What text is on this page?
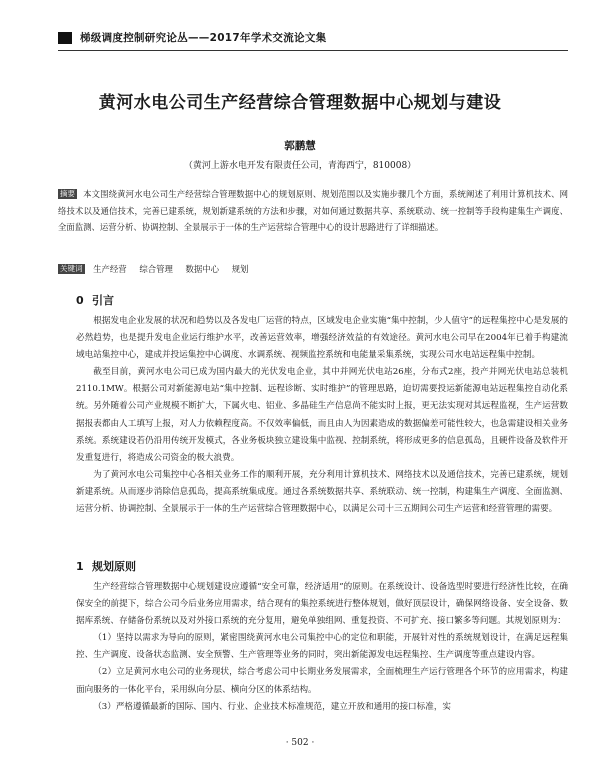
梯级调度控制研究论丛——2017年学术交流论文集
黄河水电公司生产经营综合管理数据中心规划与建设
郭鹏慧
（黄河上游水电开发有限责任公司，青海西宁，810008）
摘要 本文围绕黄河水电公司生产经营综合管理数据中心的规划原则、规划范围以及实施步骤几个方面，系统阐述了利用计算机技术、网络技术以及通信技术，完善已建系统，规划新建系统的方法和步骤，对如何通过数据共享、系统联动、统一控制等手段构建集生产调度、全面监测、运营分析、协调控制、全景展示于一体的生产运营综合管理中心的设计思路进行了详细描述。
关键词 生产经营 综合管理 数据中心 规划
0 引言

根据发电企业发展的状况和趋势以及各发电厂运营的特点，区域发电企业实施“集中控制，少人值守”的远程集控中心是发展的必然趋势，也是提升发电企业运行维护水平，改善运营效率，增强经济效益的有效途径。黄河水电公司早在2004年已着手构建流域电站集控中心，建成并投运集控中心调度、水调系统、视频监控系统和电能量采集系统，实现公司水电站远程集中控制。

截至目前，黄河水电公司已成为国内最大的光伏发电企业，其中并网光伏电站26座，分布式2座，投产并网光伏电站总装机2110.1MW。根据公司对新能源电站“集中控制、远程诊断、实时维护”的管理思路，迫切需要投运新能源电站远程集控自动化系统。另外随着公司产业规模不断扩大，下属火电、铝业、多晶硅生产信息尚不能实时上报，更无法实现对其远程监视，生产运营数据报表都由人工填写上报，对人力依赖程度高。不仅效率偏低，而且由人为因素造成的数据偏差可能性较大，也急需建设相关业务系统。系统建设若仍沿用传统开发模式，各业务板块独立建设集中监视、控制系统，将形成更多的信息孤岛，且硬件设备及软件开发重复进行，将造成公司资金的极大浪费。

为了黄河水电公司集控中心各相关业务工作的顺利开展，充分利用计算机技术、网络技术以及通信技术，完善已建系统，规划新建系统。从而逐步消除信息孤岛，提高系统集成度。通过各系统数据共享、系统联动、统一控制，构建集生产调度、全面监测、运营分析、协调控制、全景展示于一体的生产运营综合管理数据中心，以满足公司十三五期间公司生产运营和经营管理的需要。

1 规划原则

生产经营综合管理数据中心规划建设应遵循“安全可靠，经济适用”的原则。在系统设计、设备选型时要进行经济性比较，在确保安全的前提下，综合公司今后业务应用需求，结合现有的集控系统进行整体规划，做好顶层设计，确保网络设备、安全设备、数据库系统、存储备份系统以及对外接口系统的充分复用，避免单独组网、重复投资、不可扩充、接口繁多等问题。其规划原则为：

（1）坚持以需求为导向的原则，紧密围绕黄河水电公司集控中心的定位和职能，开展针对性的系统规划设计，在满足远程集控、生产调度、设备状态监测、安全预警、生产管理等业务的同时，突出新能源发电远程集控、生产调度等重点建设内容。

（2）立足黄河水电公司的业务现状，综合考虑公司中长期业务发展需求，全面梳理生产运行管理各个环节的应用需求，构建面向服务的一体化平台，采用纵向分层、横向分区的体系结构。

（3）严格遵循最新的国际、国内、行业、企业技术标准规范，建立开放和通用的接口标准，实

· 502 ·
